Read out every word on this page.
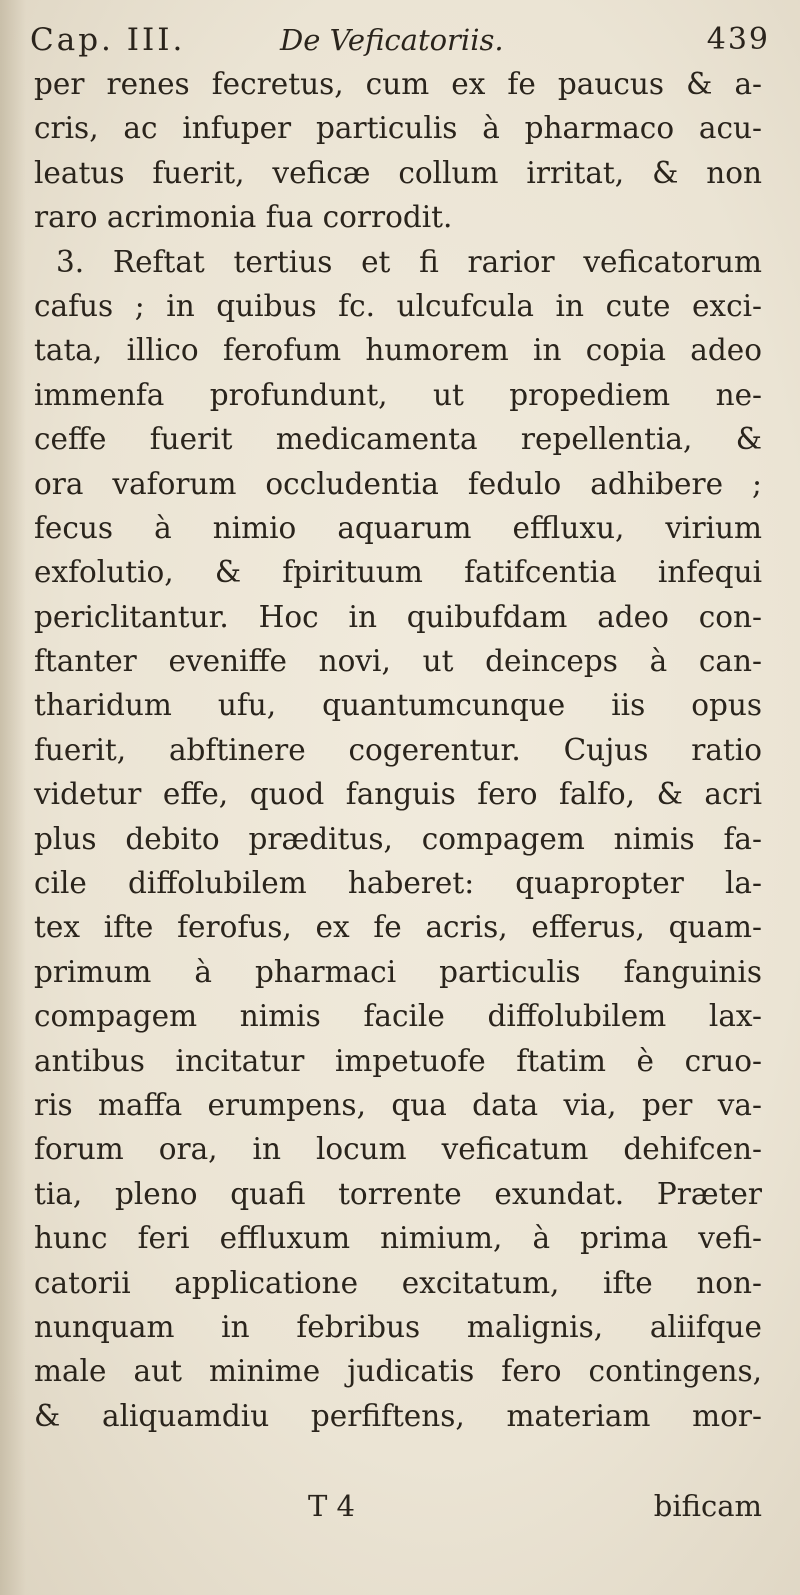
Cap. III.	De Veficatoriis.	439
per renes fecretus, cum ex fe paucus & a-
cris, ac infuper particulis à pharmaco acu-
leatus fuerit, veficæ collum irritat, & non
raro acrimonia fua corrodit.
3. Reftat tertius et fi rarior veficatorum
cafus ; in quibus fc. ulcufcula in cute exci-
tata, illico ferofum humorem in copia adeo
immenfa profundunt, ut propediem ne-
ceffe fuerit medicamenta repellentia, &
ora vaforum occludentia fedulo adhibere ;
fecus à nimio aquarum effluxu, virium
exfolutio, & fpirituum fatifcentia infequi
periclitantur. Hoc in quibufdam adeo con-
ftanter eveniffe novi, ut deinceps à can-
tharidum ufu, quantumcunque iis opus
fuerit, abftinere cogerentur. Cujus ratio
videtur effe, quod fanguis fero falfo, & acri
plus debito præditus, compagem nimis fa-
cile diffolubilem haberet: quapropter la-
tex ifte ferofus, ex fe acris, efferus, quam-
primum à pharmaci particulis fanguinis
compagem nimis facile diffolubilem lax-
antibus incitatur impetuofe ftatim è cruo-
ris maffa erumpens, qua data via, per va-
forum ora, in locum veficatum dehifcen-
tia, pleno quafi torrente exundat. Præter
hunc feri effluxum nimium, à prima vefi-
catorii applicatione excitatum, ifte non-
nunquam in febribus malignis, aliifque
male aut minime judicatis fero contingens,
& aliquamdiu perfiftens, materiam mor-
T 4	bificam
